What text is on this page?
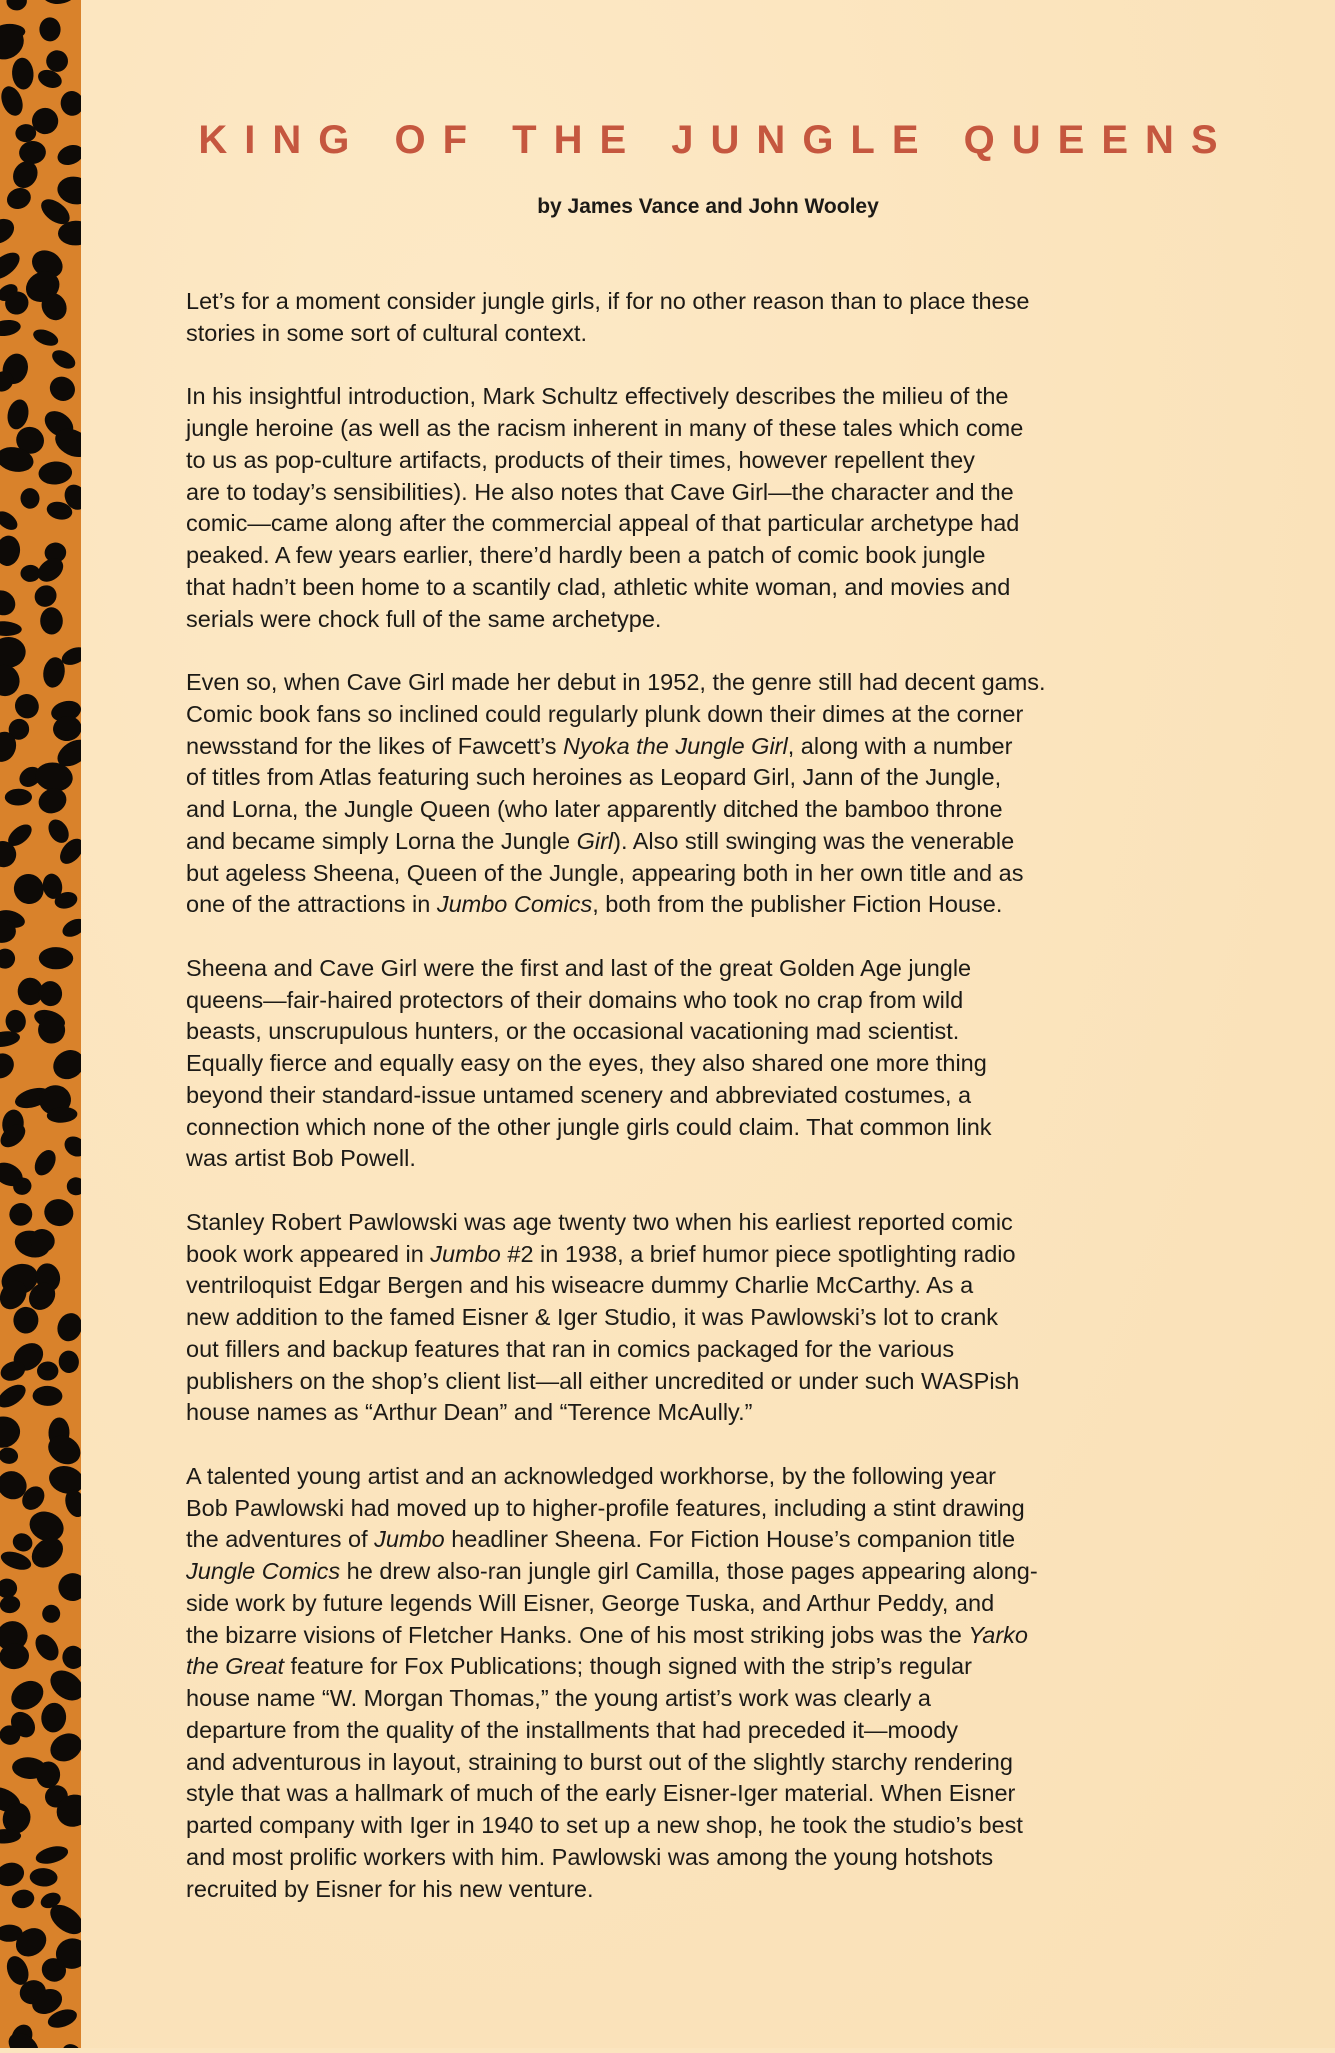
KING OF THE JUNGLE QUEENS
by James Vance and John Wooley
Let’s for a moment consider jungle girls, if for no other reason than to place these
stories in some sort of cultural context.
In his insightful introduction, Mark Schultz effectively describes the milieu of the
jungle heroine (as well as the racism inherent in many of these tales which come
to us as pop-culture artifacts, products of their times, however repellent they
are to today’s sensibilities). He also notes that Cave Girl—the character and the
comic—came along after the commercial appeal of that particular archetype had
peaked. A few years earlier, there’d hardly been a patch of comic book jungle
that hadn’t been home to a scantily clad, athletic white woman, and movies and
serials were chock full of the same archetype.
Even so, when Cave Girl made her debut in 1952, the genre still had decent gams.
Comic book fans so inclined could regularly plunk down their dimes at the corner
newsstand for the likes of Fawcett’s Nyoka the Jungle Girl, along with a number
of titles from Atlas featuring such heroines as Leopard Girl, Jann of the Jungle,
and Lorna, the Jungle Queen (who later apparently ditched the bamboo throne
and became simply Lorna the Jungle Girl). Also still swinging was the venerable
but ageless Sheena, Queen of the Jungle, appearing both in her own title and as
one of the attractions in Jumbo Comics, both from the publisher Fiction House.
Sheena and Cave Girl were the first and last of the great Golden Age jungle
queens—fair-haired protectors of their domains who took no crap from wild
beasts, unscrupulous hunters, or the occasional vacationing mad scientist.
Equally fierce and equally easy on the eyes, they also shared one more thing
beyond their standard-issue untamed scenery and abbreviated costumes, a
connection which none of the other jungle girls could claim. That common link
was artist Bob Powell.
Stanley Robert Pawlowski was age twenty two when his earliest reported comic
book work appeared in Jumbo #2 in 1938, a brief humor piece spotlighting radio
ventriloquist Edgar Bergen and his wiseacre dummy Charlie McCarthy. As a
new addition to the famed Eisner & Iger Studio, it was Pawlowski’s lot to crank
out fillers and backup features that ran in comics packaged for the various
publishers on the shop’s client list—all either uncredited or under such WASPish
house names as “Arthur Dean” and “Terence McAully.”
A talented young artist and an acknowledged workhorse, by the following year
Bob Pawlowski had moved up to higher-profile features, including a stint drawing
the adventures of Jumbo headliner Sheena. For Fiction House’s companion title
Jungle Comics he drew also-ran jungle girl Camilla, those pages appearing along-
side work by future legends Will Eisner, George Tuska, and Arthur Peddy, and
the bizarre visions of Fletcher Hanks. One of his most striking jobs was the Yarko
the Great feature for Fox Publications; though signed with the strip’s regular
house name “W. Morgan Thomas,” the young artist’s work was clearly a
departure from the quality of the installments that had preceded it—moody
and adventurous in layout, straining to burst out of the slightly starchy rendering
style that was a hallmark of much of the early Eisner-Iger material. When Eisner
parted company with Iger in 1940 to set up a new shop, he took the studio’s best
and most prolific workers with him. Pawlowski was among the young hotshots
recruited by Eisner for his new venture.
